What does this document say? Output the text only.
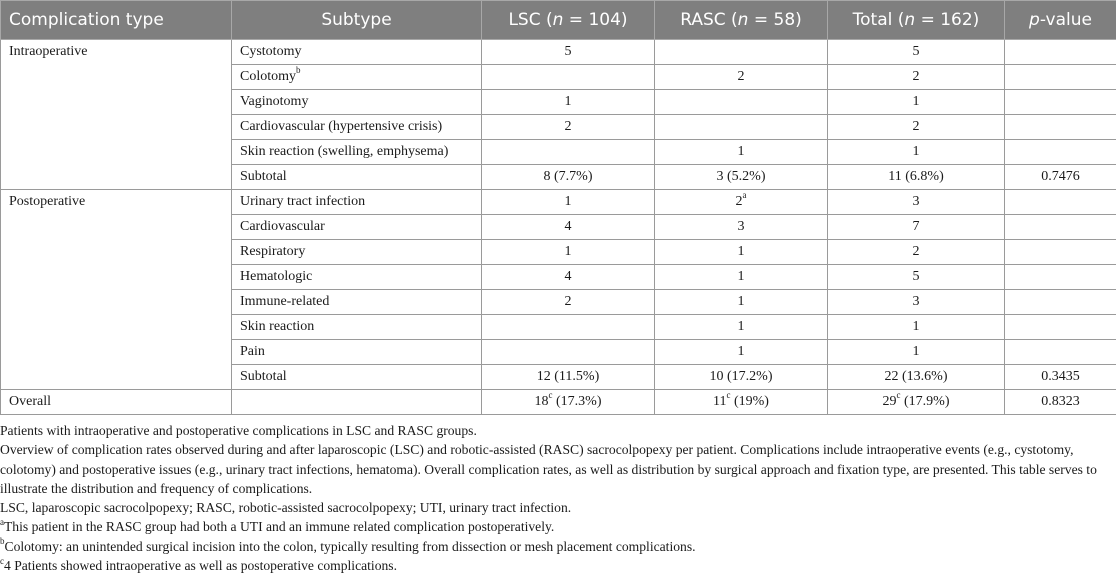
Complication type	Subtype	LSC (n = 104)	RASC (n = 58)	Total (n = 162)	p-value
Intraoperative	Cystotomy	5		5	
	Colotomy$^b$		2	2	
	Vaginotomy	1		1	
	Cardiovascular (hypertensive crisis)	2		2	
	Skin reaction (swelling, emphysema)		1	1	
	Subtotal	8 (7.7%)	3 (5.2%)	11 (6.8%)	0.7476
Postoperative	Urinary tract infection	1	2$^a$	3	
	Cardiovascular	4	3	7	
	Respiratory	1	1	2	
	Hematologic	4	1	5	
	Immune-related	2	1	3	
	Skin reaction		1	1	
	Pain		1	1	
	Subtotal	12 (11.5%)	10 (17.2%)	22 (13.6%)	0.3435
Overall		18$^c$ (17.3%)	11$^c$ (19%)	29$^c$ (17.9%)	0.8323

Patients with intraoperative and postoperative complications in LSC and RASC groups.

Overview of complication rates observed during and after laparoscopic (LSC) and robotic-assisted (RASC) sacrocolpopexy per patient. Complications include intraoperative events (e.g., cystotomy, colotomy) and postoperative issues (e.g., urinary tract infections, hematoma). Overall complication rates, as well as distribution by surgical approach and fixation type, are presented. This table serves to illustrate the distribution and frequency of complications.

LSC, laparoscopic sacrocolpopexy; RASC, robotic-assisted sacrocolpopexy; UTI, urinary tract infection.

$^a$This patient in the RASC group had both a UTI and an immune related complication postoperatively.

$^b$Colotomy: an unintended surgical incision into the colon, typically resulting from dissection or mesh placement complications.

$^c$4 Patients showed intraoperative as well as postoperative complications.
